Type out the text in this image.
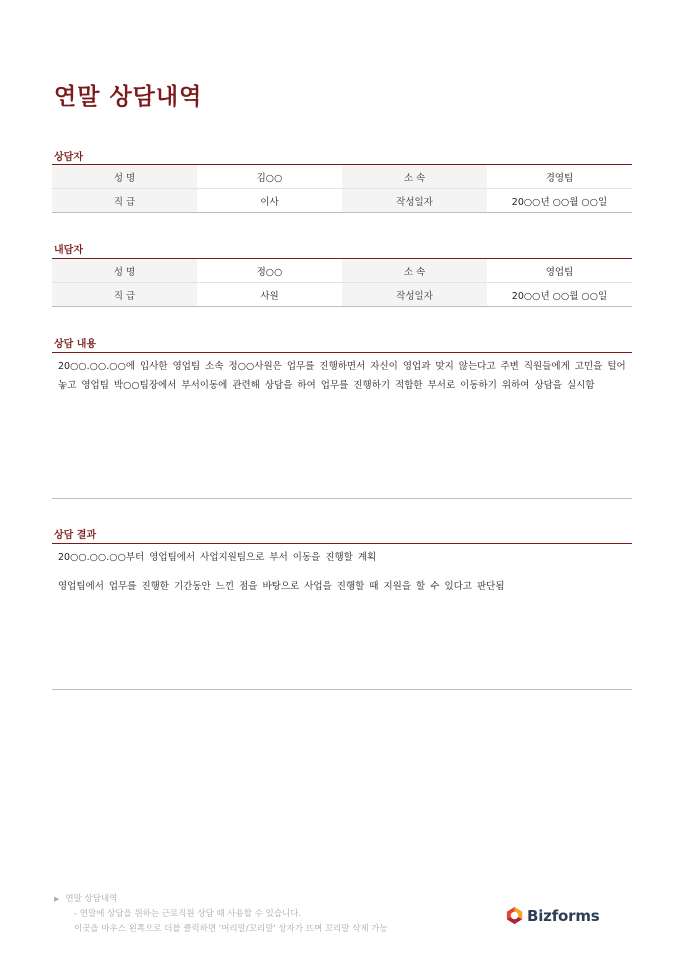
연말 상담내역
상담자
성 명	김○○	소 속	경영팀
직 급	이사	작성일자	20○○년 ○○월 ○○일
내담자
성 명	정○○	소 속	영업팀
직 급	사원	작성일자	20○○년 ○○월 ○○일
상담 내용

20○○.○○.○○에 입사한 영업팀 소속 정○○사원은 업무를 진행하면서 자신이 영업과 맞지 않는다고 주변 직원들에게 고민을 털어놓고 영업팀 박○○팀장에서 부서이동에 관련해 상담을 하여 업무를 진행하기 적합한 부서로 이동하기 위하여 상담을 실시함

상담 결과

20○○.○○.○○부터 영업팀에서 사업지원팀으로 부서 이동을 진행할 계획

영업팀에서 업무를 진행한 기간동안 느낀 점을 바탕으로 사업을 진행할 때 지원을 할 수 있다고 판단됨

▶ 연말 상담내역
- 연말에 상담을 원하는 근로직원 상담 때 사용할 수 있습니다.
이곳을 마우스 왼쪽으로 더블 클릭하면 '머리말/꼬리말' 상자가 뜨며 꼬리말 삭제 가능
Bizforms
